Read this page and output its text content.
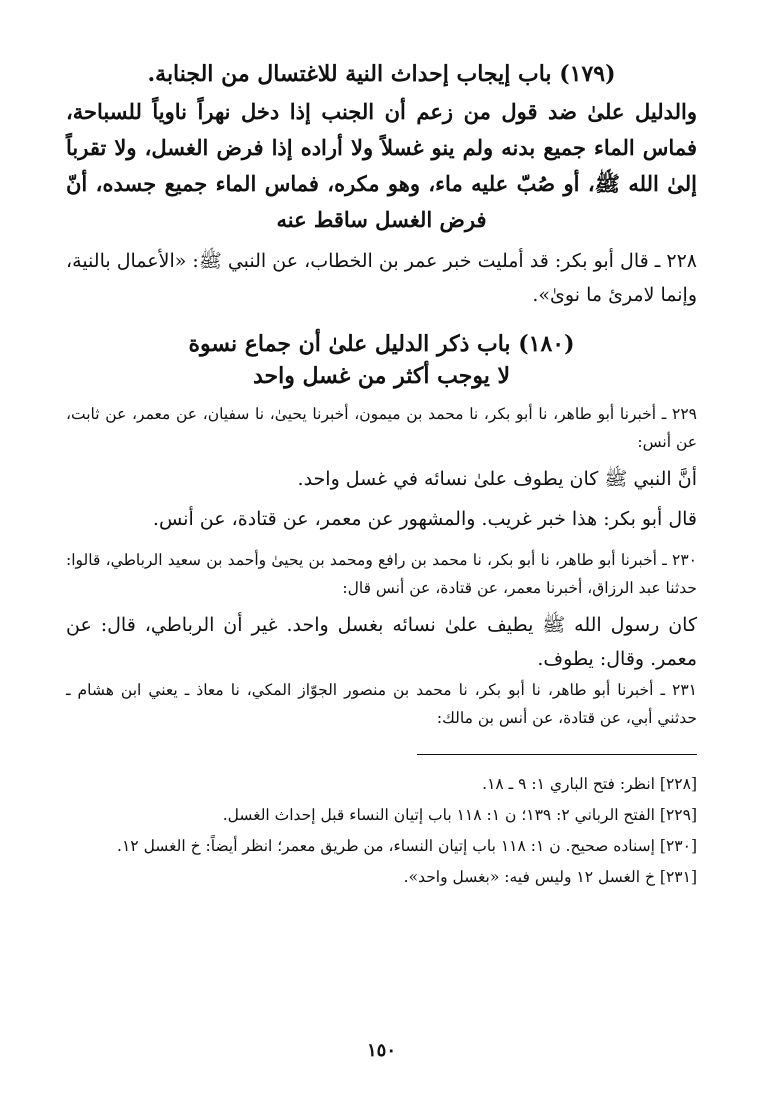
(١٧٩) باب إيجاب إحداث النية للاغتسال من الجنابة.

والدليل علىٰ ضد قول من زعم أن الجنب إذا دخل نهراً ناوياً للسباحة، فماس الماء جميع بدنه ولم ينو غسلاً ولا أراده إذا فرض الغسل، ولا تقرباً إلىٰ الله ﷺ، أو صُبّ عليه ماء، وهو مكره، فماس الماء جميع جسده، أنّ فرض الغسل ساقط عنه

٢٢٨ ـ قال أبو بكر: قد أمليت خبر عمر بن الخطاب، عن النبي ﷺ: «الأعمال بالنية، وإنما لامرئ ما نوىٰ».

(١٨٠) باب ذكر الدليل علىٰ أن جماع نسوة
لا يوجب أكثر من غسل واحد

٢٢٩ ـ أخبرنا أبو طاهر، نا أبو بكر، نا محمد بن ميمون، أخبرنا يحيىٰ، نا سفيان، عن معمر، عن ثابت، عن أنس:

أنَّ النبي ﷺ كان يطوف علىٰ نسائه في غسل واحد.

قال أبو بكر: هذا خبر غريب. والمشهور عن معمر، عن قتادة، عن أنس.

٢٣٠ ـ أخبرنا أبو طاهر، نا أبو بكر، نا محمد بن رافع ومحمد بن يحيىٰ وأحمد بن سعيد الرباطي، قالوا: حدثنا عبد الرزاق، أخبرنا معمر، عن قتادة، عن أنس قال:

كان رسول الله ﷺ يطيف علىٰ نسائه بغسل واحد. غير أن الرباطي، قال: عن معمر. وقال: يطوف.

٢٣١ ـ أخبرنا أبو طاهر، نا أبو بكر، نا محمد بن منصور الجوّاز المكي، نا معاذ ـ يعني ابن هشام ـ حدثني أبي، عن قتادة، عن أنس بن مالك:

[٢٢٨] انظر: فتح الباري ١: ٩ ـ ١٨.

[٢٢٩] الفتح الرباني ٢: ١٣٩؛ ن ١: ١١٨ باب إتيان النساء قبل إحداث الغسل.

[٢٣٠] إسناده صحيح. ن ١: ١١٨ باب إتيان النساء، من طريق معمر؛ انظر أيضاً: خ الغسل ١٢.

[٢٣١] خ الغسل ١٢ وليس فيه: «بغسل واحد».

١٥٠
